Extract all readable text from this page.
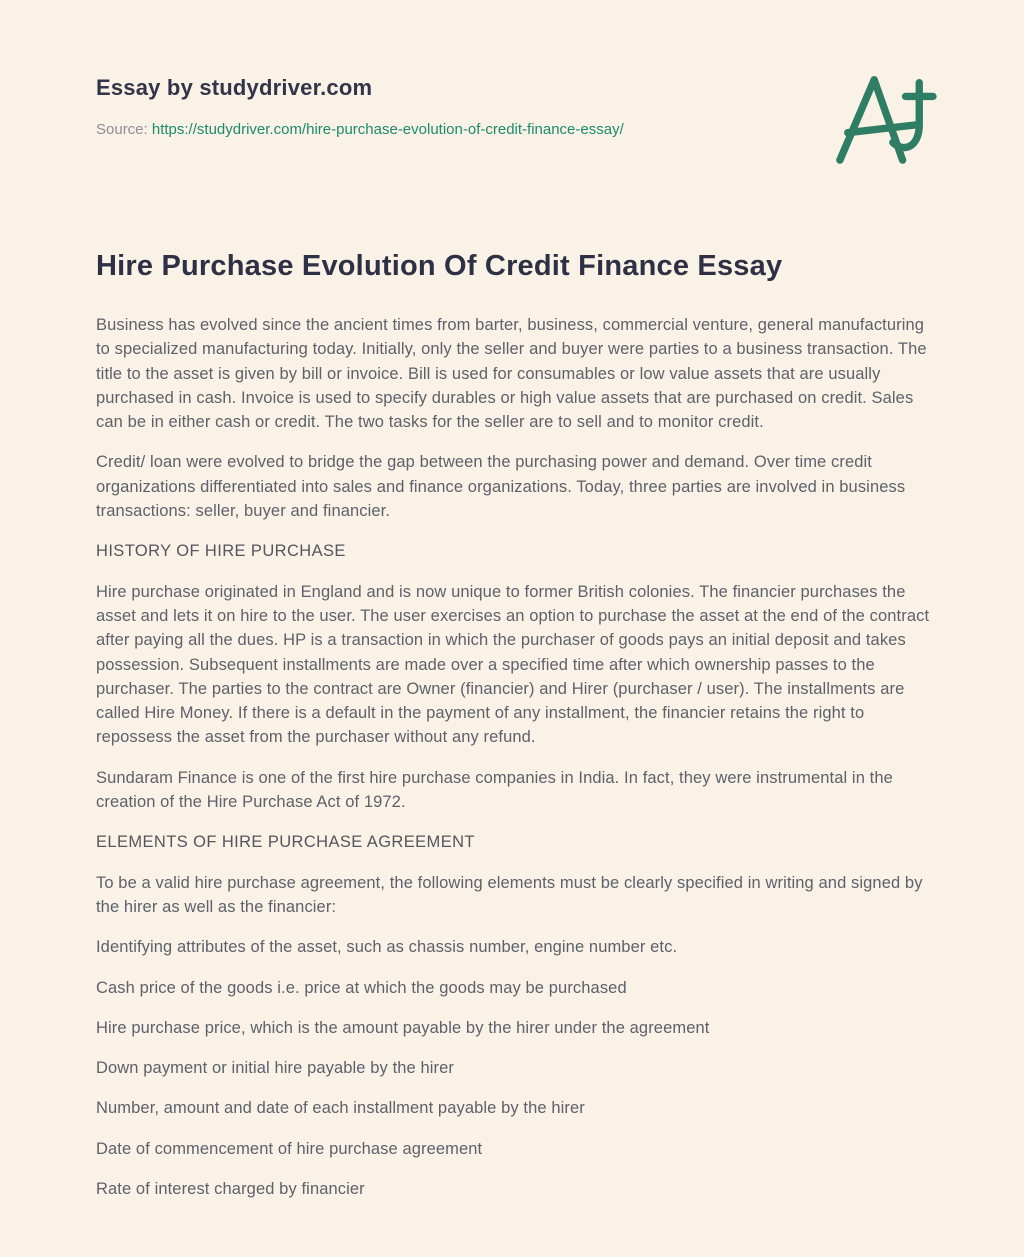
Essay by studydriver.com
Source: https://studydriver.com/hire-purchase-evolution-of-credit-finance-essay/
Hire Purchase Evolution Of Credit Finance Essay

Business has evolved since the ancient times from barter, business, commercial venture, general manufacturing to specialized manufacturing today. Initially, only the seller and buyer were parties to a business transaction. The title to the asset is given by bill or invoice. Bill is used for consumables or low value assets that are usually purchased in cash. Invoice is used to specify durables or high value assets that are purchased on credit. Sales can be in either cash or credit. The two tasks for the seller are to sell and to monitor credit.

Credit/ loan were evolved to bridge the gap between the purchasing power and demand. Over time credit organizations differentiated into sales and finance organizations. Today, three parties are involved in business transactions: seller, buyer and financier.

HISTORY OF HIRE PURCHASE

Hire purchase originated in England and is now unique to former British colonies. The financier purchases the asset and lets it on hire to the user. The user exercises an option to purchase the asset at the end of the contract after paying all the dues. HP is a transaction in which the purchaser of goods pays an initial deposit and takes possession. Subsequent installments are made over a specified time after which ownership passes to the purchaser. The parties to the contract are Owner (financier) and Hirer (purchaser / user). The installments are called Hire Money. If there is a default in the payment of any installment, the financier retains the right to repossess the asset from the purchaser without any refund.

Sundaram Finance is one of the first hire purchase companies in India. In fact, they were instrumental in the creation of the Hire Purchase Act of 1972.

ELEMENTS OF HIRE PURCHASE AGREEMENT

To be a valid hire purchase agreement, the following elements must be clearly specified in writing and signed by the hirer as well as the financier:

Identifying attributes of the asset, such as chassis number, engine number etc.

Cash price of the goods i.e. price at which the goods may be purchased

Hire purchase price, which is the amount payable by the hirer under the agreement

Down payment or initial hire payable by the hirer

Number, amount and date of each installment payable by the hirer

Date of commencement of hire purchase agreement

Rate of interest charged by financier
